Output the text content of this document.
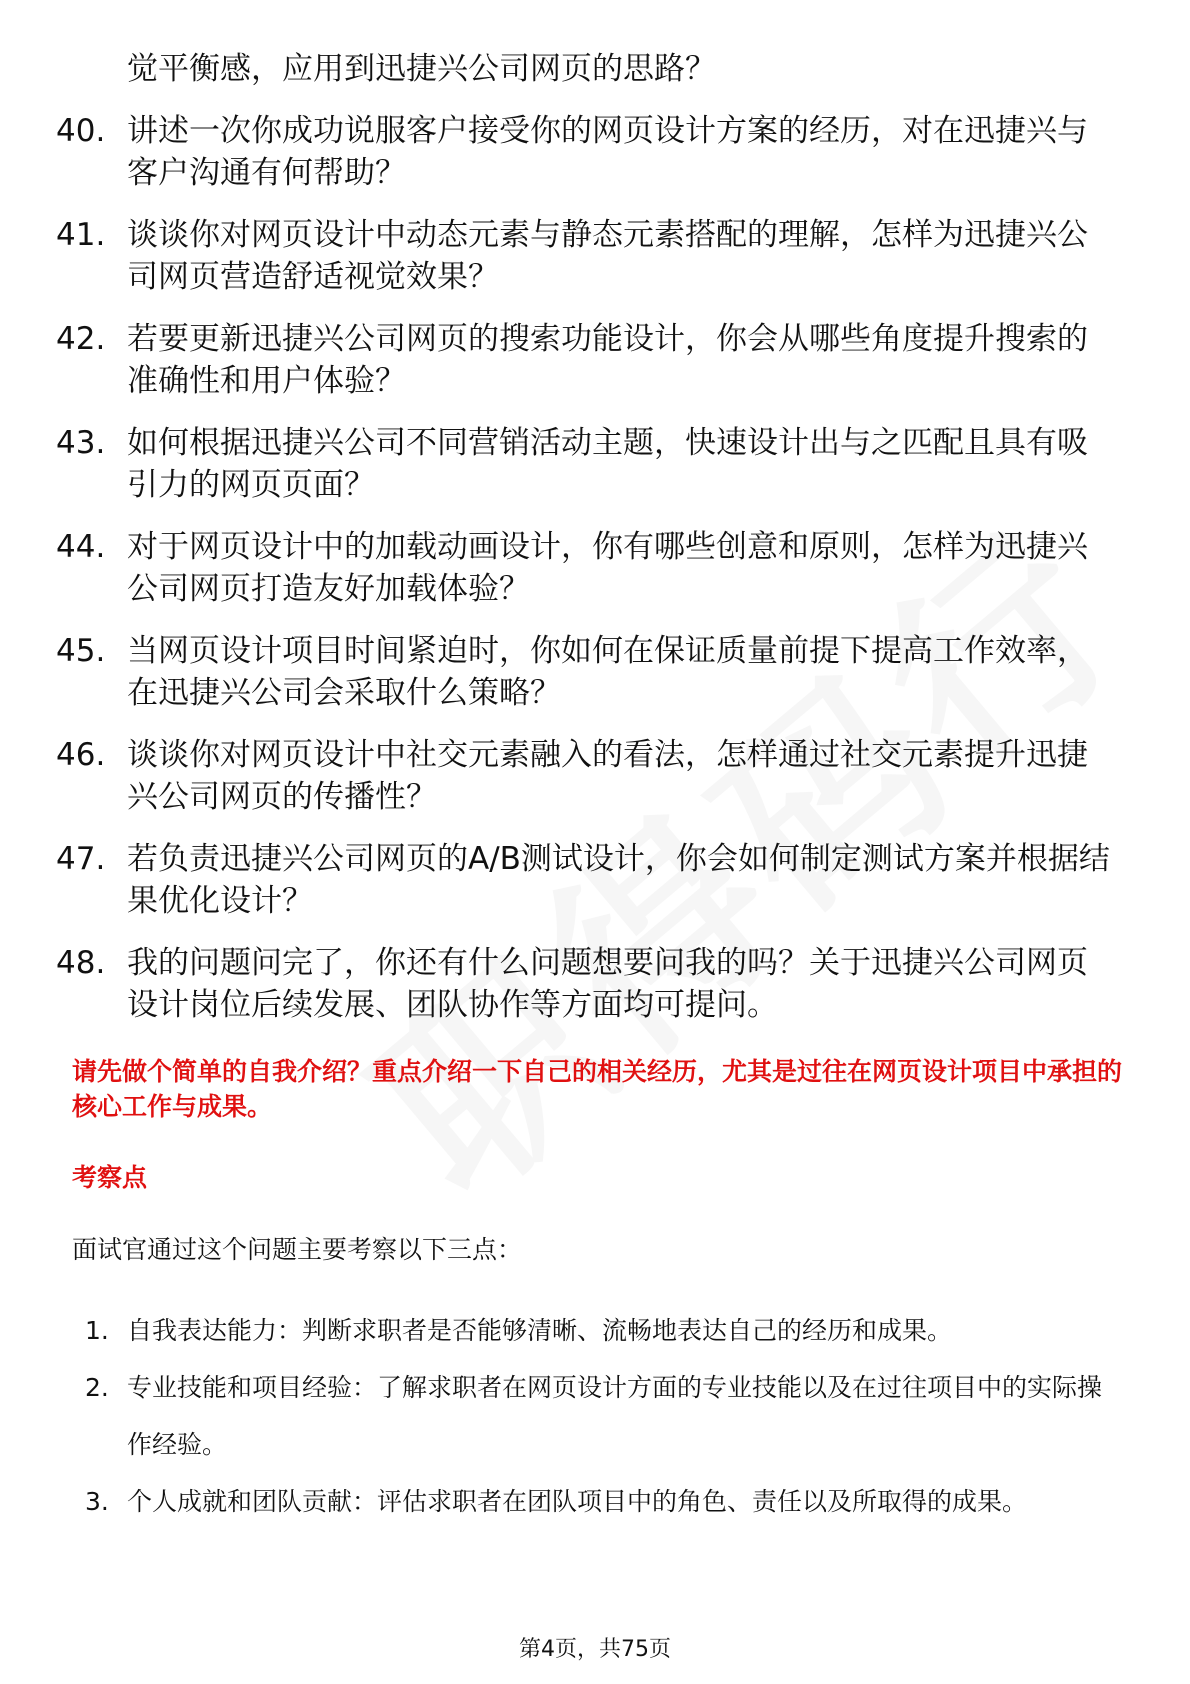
觉平衡感，应用到迅捷兴公司网页的思路？
40. 讲述一次你成功说服客户接受你的网页设计方案的经历，对在迅捷兴与客户沟通有何帮助？
41. 谈谈你对网页设计中动态元素与静态元素搭配的理解，怎样为迅捷兴公司网页营造舒适视觉效果？
42. 若要更新迅捷兴公司网页的搜索功能设计，你会从哪些角度提升搜索的准确性和用户体验？
43. 如何根据迅捷兴公司不同营销活动主题，快速设计出与之匹配且具有吸引力的网页页面？
44. 对于网页设计中的加载动画设计，你有哪些创意和原则，怎样为迅捷兴公司网页打造友好加载体验？
45. 当网页设计项目时间紧迫时，你如何在保证质量前提下提高工作效率，在迅捷兴公司会采取什么策略？
46. 谈谈你对网页设计中社交元素融入的看法，怎样通过社交元素提升迅捷兴公司网页的传播性？
47. 若负责迅捷兴公司网页的A/B测试设计，你会如何制定测试方案并根据结果优化设计？
48. 我的问题问完了，你还有什么问题想要问我的吗？关于迅捷兴公司网页设计岗位后续发展、团队协作等方面均可提问。
请先做个简单的自我介绍？重点介绍一下自己的相关经历，尤其是过往在网页设计项目中承担的核心工作与成果。
考察点
面试官通过这个问题主要考察以下三点：
1. 自我表达能力：判断求职者是否能够清晰、流畅地表达自己的经历和成果。
2. 专业技能和项目经验：了解求职者在网页设计方面的专业技能以及在过往项目中的实际操作经验。
3. 个人成就和团队贡献：评估求职者在团队项目中的角色、责任以及所取得的成果。
第4页，共75页
